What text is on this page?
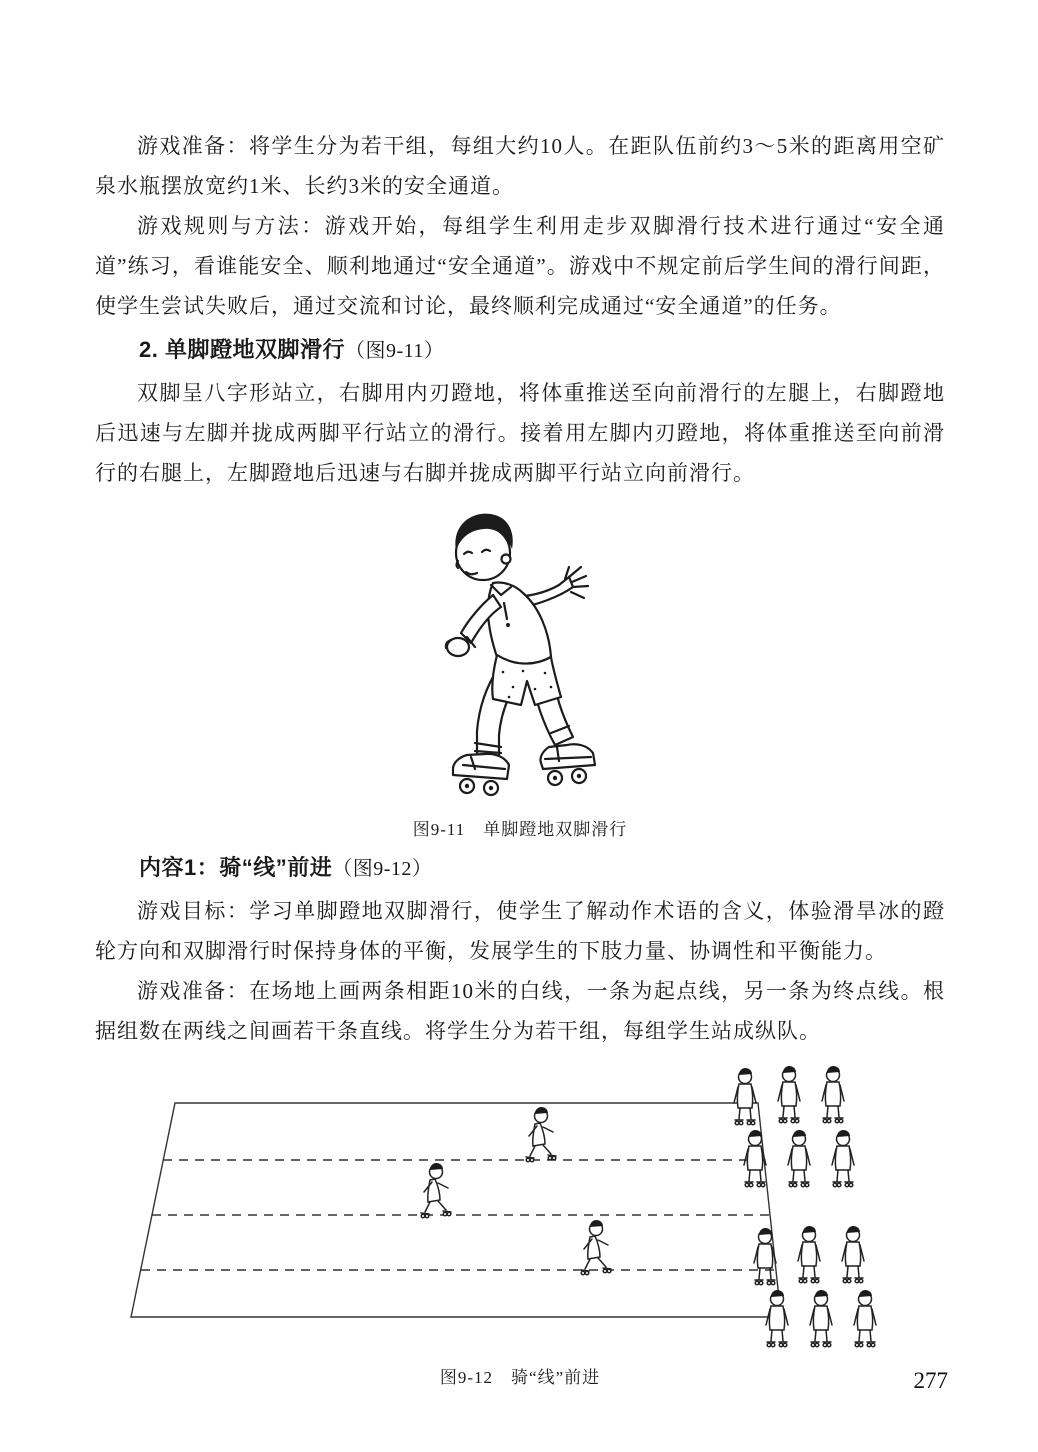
游戏准备：将学生分为若干组，每组大约10人。在距队伍前约3～5米的距离用空矿泉水瓶摆放宽约1米、长约3米的安全通道。

游戏规则与方法：游戏开始，每组学生利用走步双脚滑行技术进行通过“安全通道”练习，看谁能安全、顺利地通过“安全通道”。游戏中不规定前后学生间的滑行间距，使学生尝试失败后，通过交流和讨论，最终顺利完成通过“安全通道”的任务。

2. 单脚蹬地双脚滑行（图9-11）

双脚呈八字形站立，右脚用内刃蹬地，将体重推送至向前滑行的左腿上，右脚蹬地后迅速与左脚并拢成两脚平行站立的滑行。接着用左脚内刃蹬地，将体重推送至向前滑行的右腿上，左脚蹬地后迅速与右脚并拢成两脚平行站立向前滑行。

图9-11　单脚蹬地双脚滑行
内容1：骑“线”前进（图9-12）

游戏目标：学习单脚蹬地双脚滑行，使学生了解动作术语的含义，体验滑旱冰的蹬轮方向和双脚滑行时保持身体的平衡，发展学生的下肢力量、协调性和平衡能力。

游戏准备：在场地上画两条相距10米的白线，一条为起点线，另一条为终点线。根据组数在两线之间画若干条直线。将学生分为若干组，每组学生站成纵队。

图9-12　骑“线”前进	277
